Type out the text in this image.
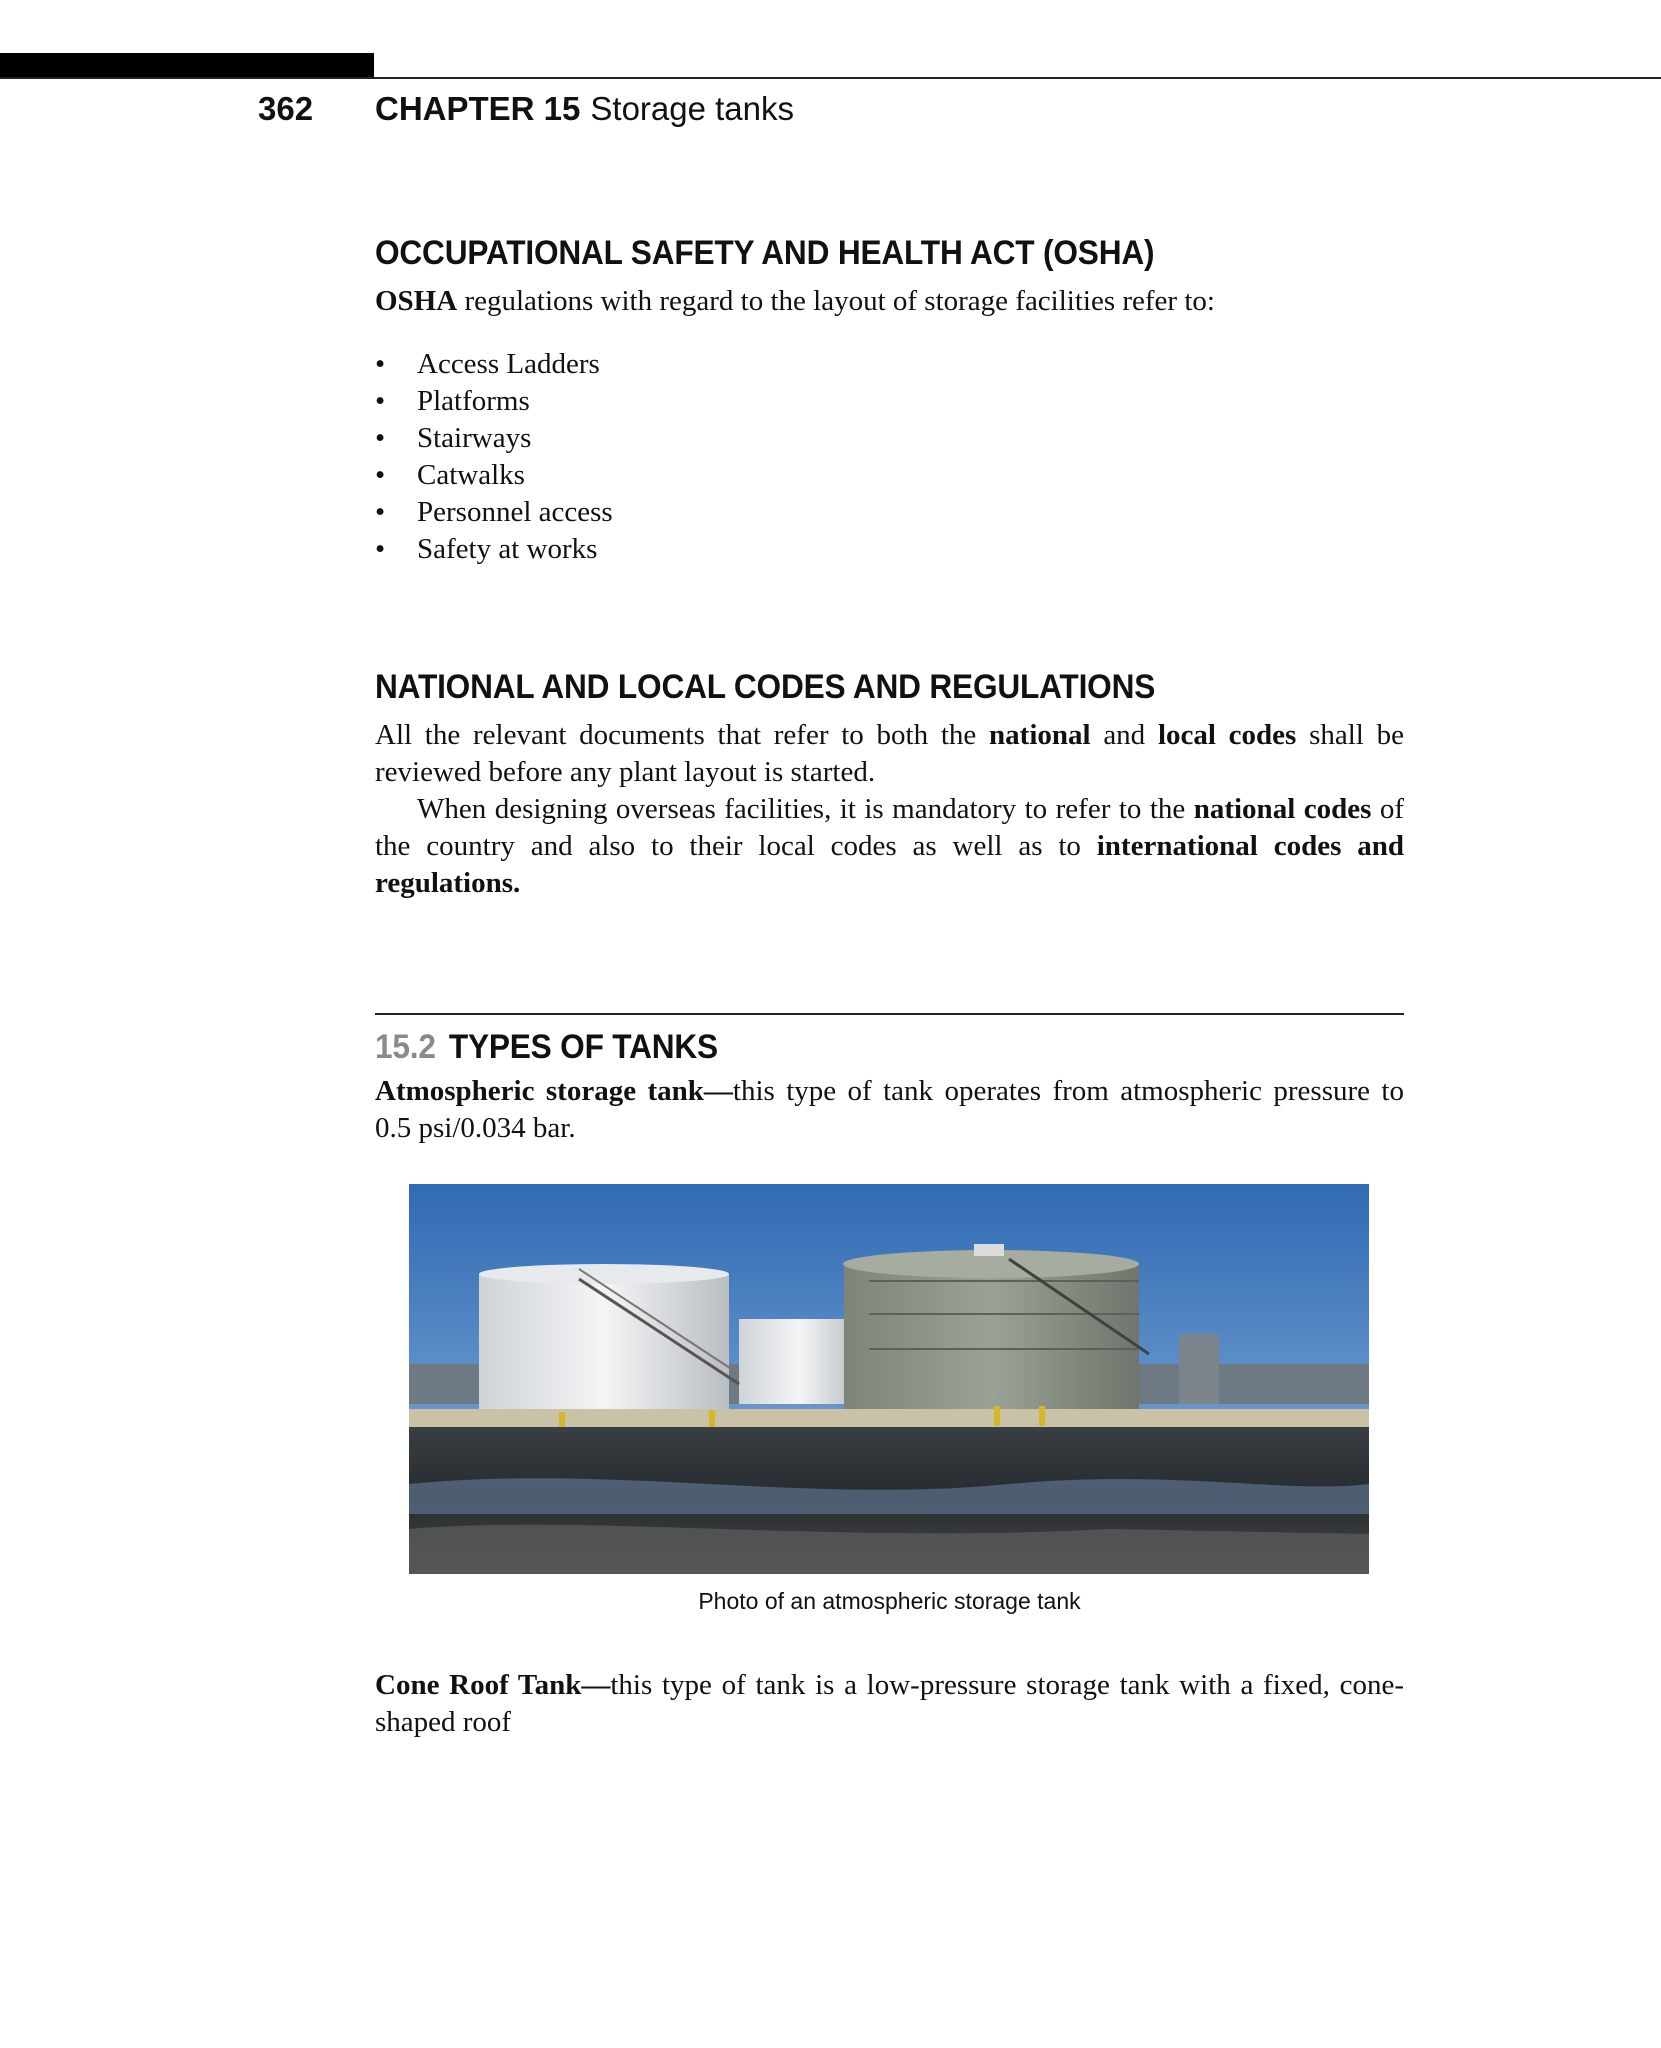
362 CHAPTER 15 Storage tanks
OCCUPATIONAL SAFETY AND HEALTH ACT (OSHA)

OSHA regulations with regard to the layout of storage facilities refer to:

• Access Ladders
• Platforms
• Stairways
• Catwalks
• Personnel access
• Safety at works
NATIONAL AND LOCAL CODES AND REGULATIONS

All the relevant documents that refer to both the national and local codes shall be reviewed before any plant layout is started.

When designing overseas facilities, it is mandatory to refer to the national codes of the country and also to their local codes as well as to international codes and regulations.

15.2 TYPES OF TANKS

Atmospheric storage tank—this type of tank operates from atmospheric pressure to 0.5 psi/0.034 bar.

Photo of an atmospheric storage tank

Cone Roof Tank—this type of tank is a low-pressure storage tank with a fixed, cone-shaped roof
